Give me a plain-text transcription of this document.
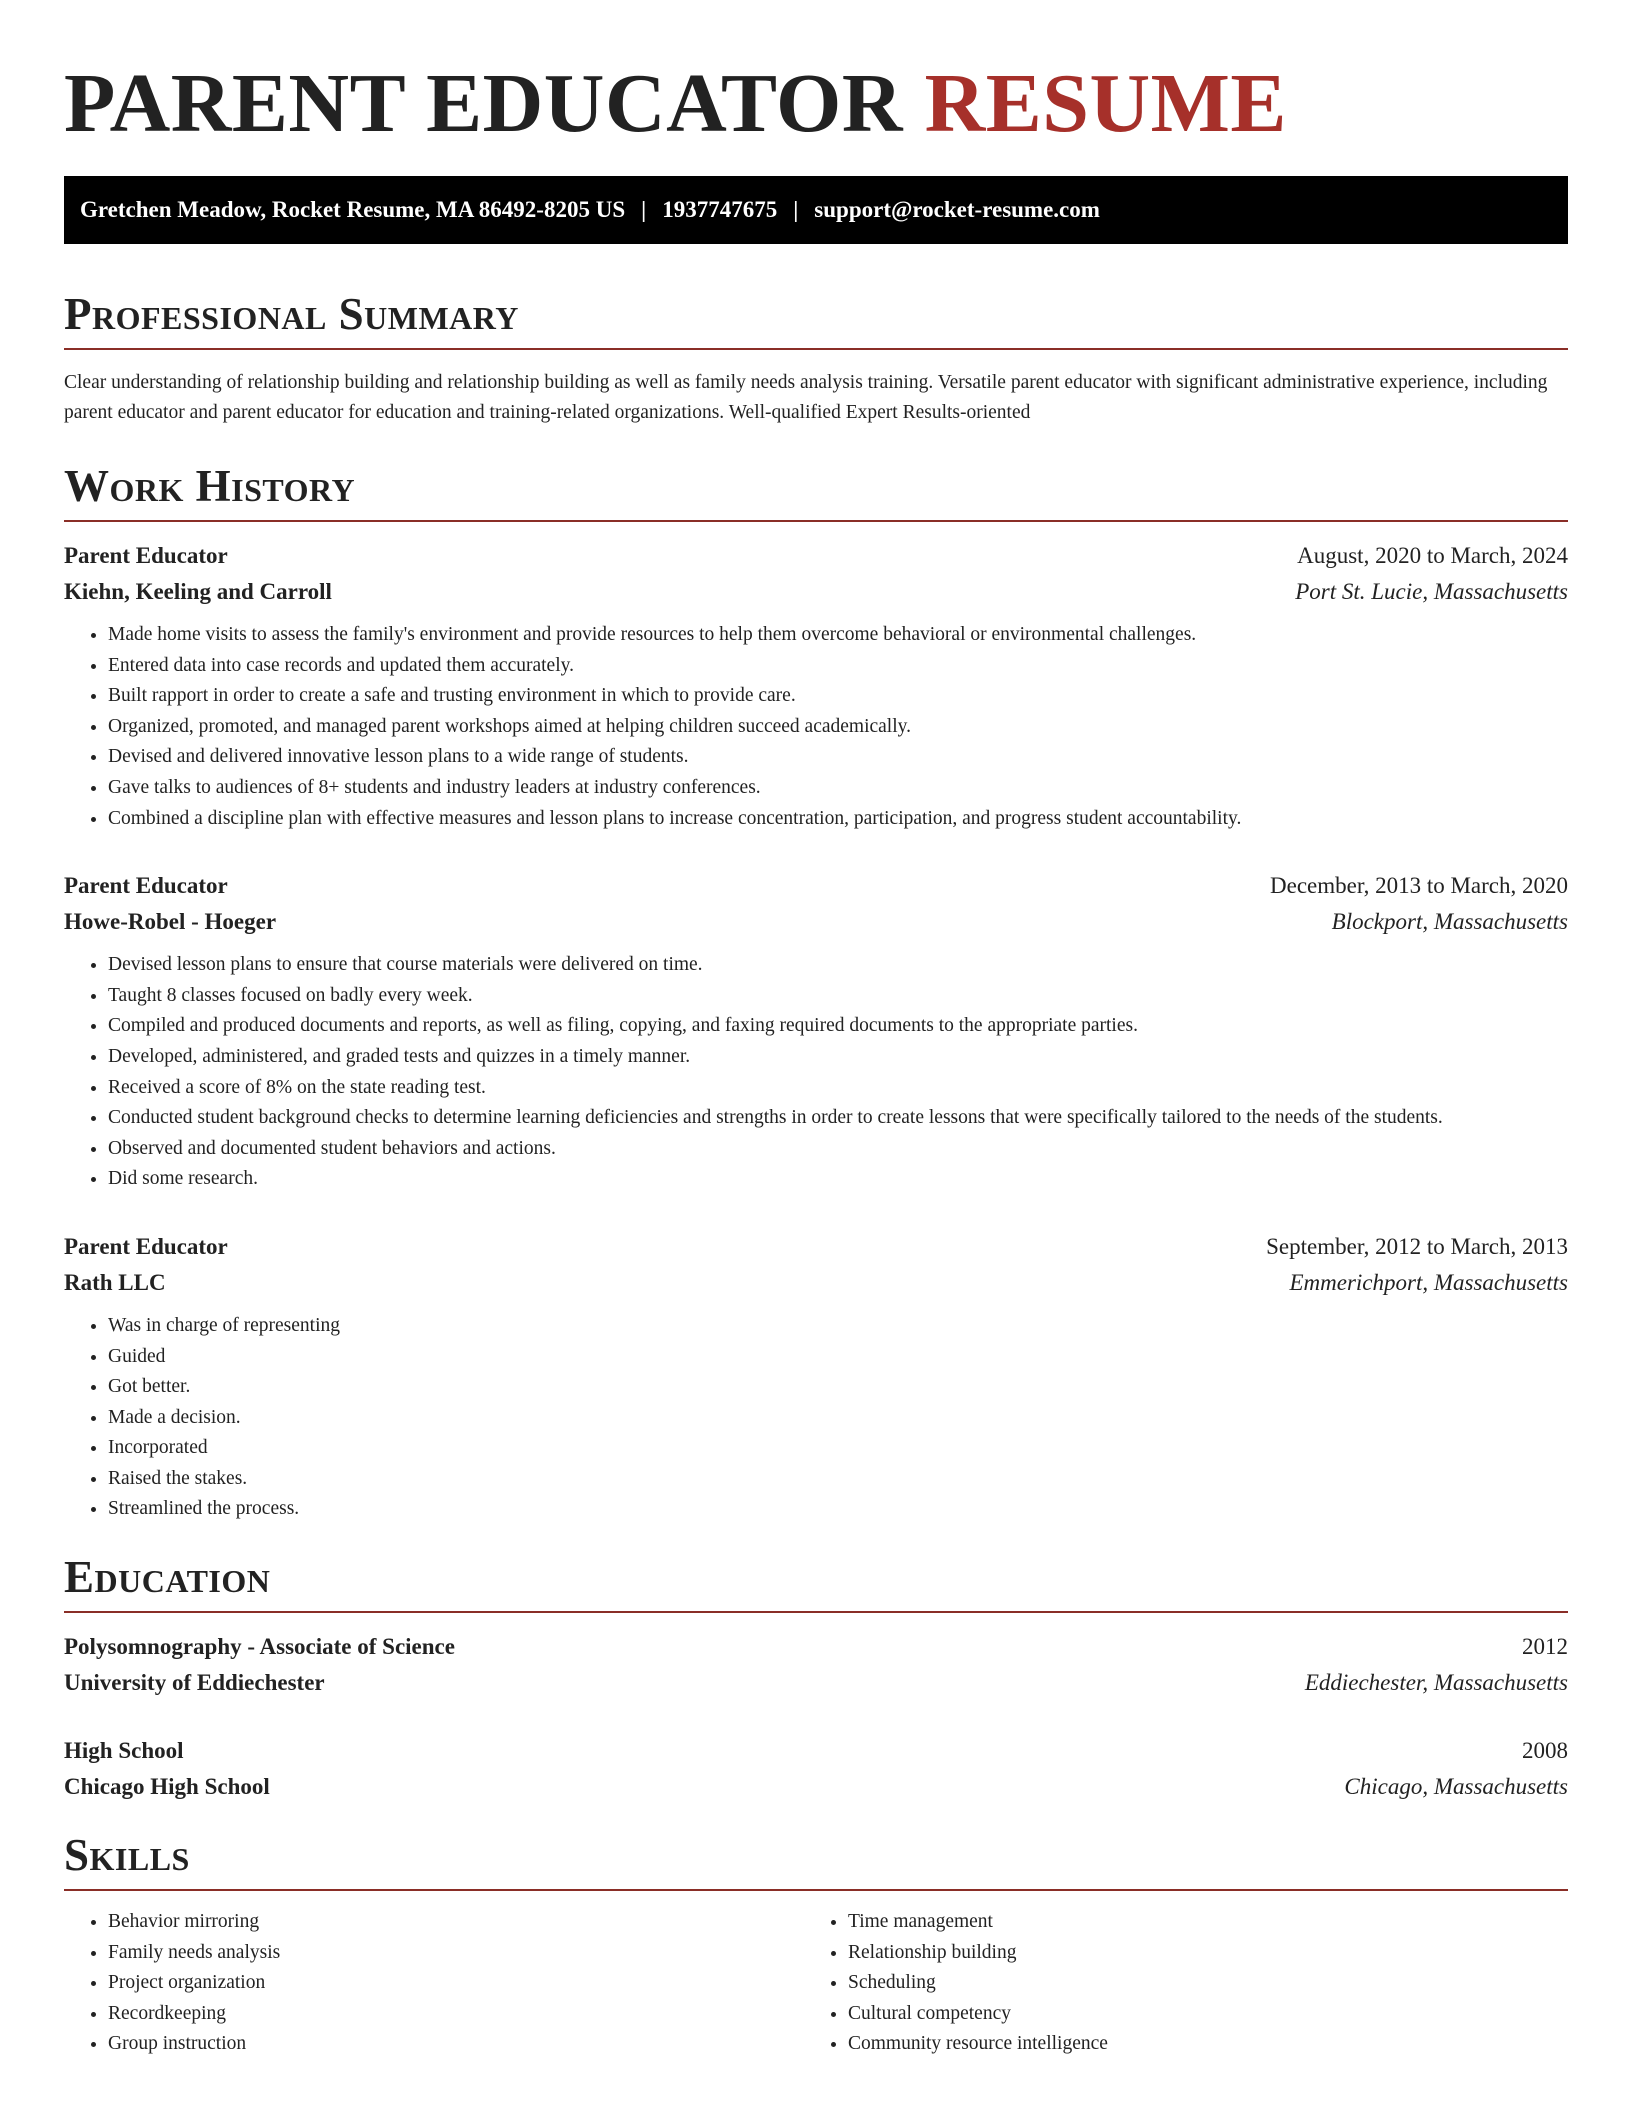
PARENT EDUCATOR RESUME
Gretchen Meadow, Rocket Resume, MA 86492-8205 US | 1937747675 | support@rocket-resume.com
Professional Summary

Clear understanding of relationship building and relationship building as well as family needs analysis training. Versatile parent educator with significant administrative experience, including parent educator and parent educator for education and training-related organizations. Well-qualified Expert Results-oriented

Work History
Parent Educator	August, 2020 to March, 2024
Kiehn, Keeling and Carroll	Port St. Lucie, Massachusetts
• Made home visits to assess the family's environment and provide resources to help them overcome behavioral or environmental challenges.
• Entered data into case records and updated them accurately.
• Built rapport in order to create a safe and trusting environment in which to provide care.
• Organized, promoted, and managed parent workshops aimed at helping children succeed academically.
• Devised and delivered innovative lesson plans to a wide range of students.
• Gave talks to audiences of 8+ students and industry leaders at industry conferences.
• Combined a discipline plan with effective measures and lesson plans to increase concentration, participation, and progress student accountability.
Parent Educator	December, 2013 to March, 2020
Howe-Robel - Hoeger	Blockport, Massachusetts
• Devised lesson plans to ensure that course materials were delivered on time.
• Taught 8 classes focused on badly every week.
• Compiled and produced documents and reports, as well as filing, copying, and faxing required documents to the appropriate parties.
• Developed, administered, and graded tests and quizzes in a timely manner.
• Received a score of 8% on the state reading test.
• Conducted student background checks to determine learning deficiencies and strengths in order to create lessons that were specifically tailored to the needs of the students.
• Observed and documented student behaviors and actions.
• Did some research.
Parent Educator	September, 2012 to March, 2013
Rath LLC	Emmerichport, Massachusetts
• Was in charge of representing
• Guided
• Got better.
• Made a decision.
• Incorporated
• Raised the stakes.
• Streamlined the process.
Education
Polysomnography - Associate of Science	2012
University of Eddiechester	Eddiechester, Massachusetts
High School	2008
Chicago High School	Chicago, Massachusetts
Skills
• Behavior mirroring
• Family needs analysis
• Project organization
• Recordkeeping
• Group instruction
• Time management
• Relationship building
• Scheduling
• Cultural competency
• Community resource intelligence
